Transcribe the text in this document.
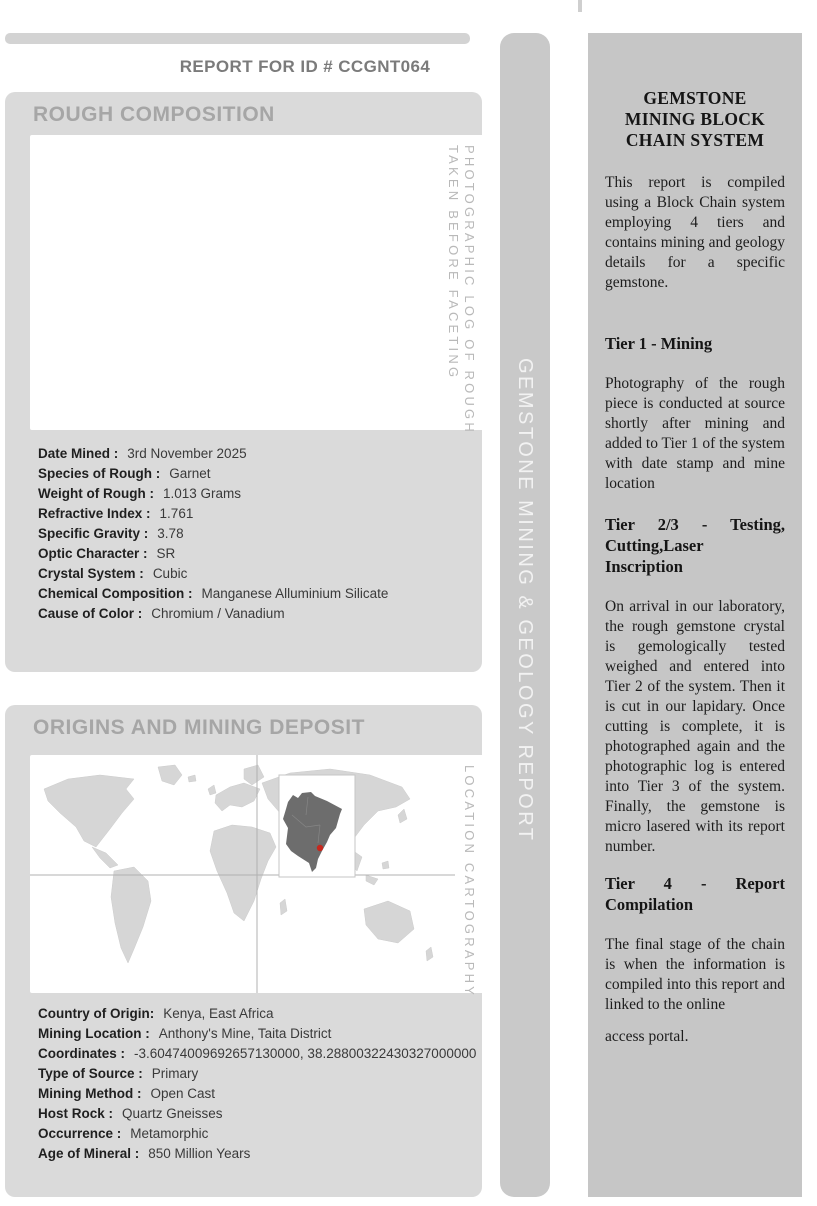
REPORT FOR ID # CCGNT064
ROUGH COMPOSITION
PHOTOGRAPHIC LOG OF ROUGH
TAKEN BEFORE FACETING
Date Mined : 3rd November 2025
Species of Rough : Garnet
Weight of Rough : 1.013 Grams
Refractive Index : 1.761
Specific Gravity : 3.78
Optic Character : SR
Crystal System : Cubic
Chemical Composition : Manganese Alluminium Silicate
Cause of Color : Chromium / Vanadium
ORIGINS AND MINING DEPOSIT
LOCATION CARTOGRAPHY
Country of Origin: Kenya, East Africa
Mining Location : Anthony's Mine, Taita District
Coordinates : -3.60474009692657130000, 38.28800322430327000000
Type of Source : Primary
Mining Method : Open Cast
Host Rock : Quartz Gneisses
Occurrence : Metamorphic
Age of Mineral : 850 Million Years
GEMSTONE MINING & GEOLOGY REPORT
GEMSTONE
MINING BLOCK
CHAIN SYSTEM
This report is compiled using a Block Chain system employing 4 tiers and contains mining and geology details for a specific gemstone.
Tier 1 - Mining
Photography of the rough piece is conducted at source shortly after mining and added to Tier 1 of the system with date stamp and mine location
Tier 2/3 - Testing, Cutting,Laser Inscription
On arrival in our laboratory, the rough gemstone crystal is gemologically tested weighed and entered into Tier 2 of the system. Then it is cut in our lapidary. Once cutting is complete, it is photographed again and the photographic log is entered into Tier 3 of the system. Finally, the gemstone is micro lasered with its report number.
Tier 4 - Report Compilation
The final stage of the chain is when the information is compiled into this report and linked to the online
access portal.
